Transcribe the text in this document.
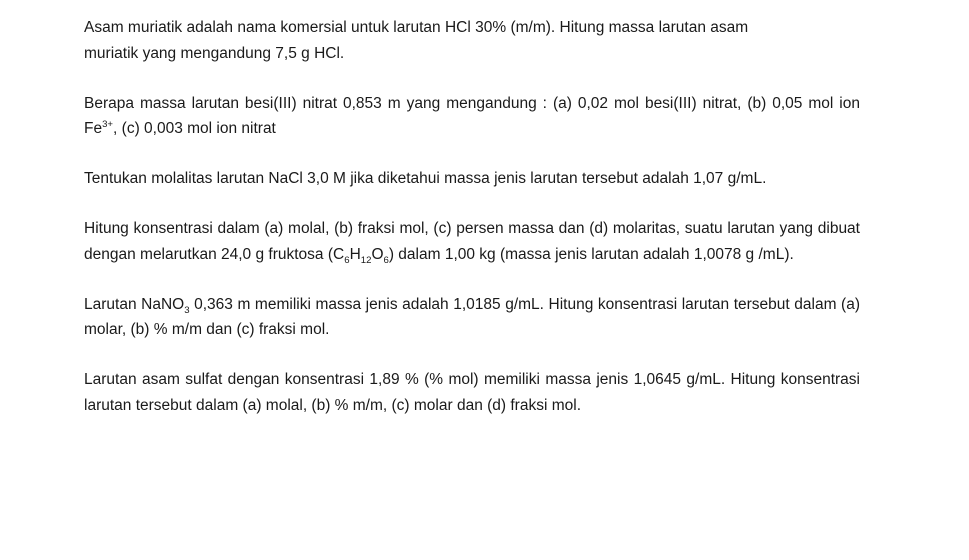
Asam muriatik adalah nama komersial untuk larutan HCl 30% (m/m). Hitung massa larutan asam
muriatik yang mengandung 7,5 g HCl.

Berapa massa larutan besi(III) nitrat 0,853 m yang mengandung : (a) 0,02 mol besi(III) nitrat, (b) 0,05 mol ion $Fe^{3+}$, (c) 0,003 mol ion nitrat

Tentukan molalitas larutan NaCl 3,0 M jika diketahui massa jenis larutan tersebut adalah 1,07 g/mL.

Hitung konsentrasi dalam (a) molal, (b) fraksi mol, (c) persen massa dan (d) molaritas, suatu larutan yang dibuat dengan melarutkan 24,0 g fruktosa $(C_6H_{12}O_6)$ dalam 1,00 kg (massa jenis larutan adalah 1,0078 g /mL).

Larutan NaNO$_3$ 0,363 m memiliki massa jenis adalah 1,0185 g/mL. Hitung konsentrasi larutan tersebut dalam (a) molar, (b) % m/m dan (c) fraksi mol.

Larutan asam sulfat dengan konsentrasi 1,89 % (% mol) memiliki massa jenis 1,0645 g/mL. Hitung konsentrasi larutan tersebut dalam (a) molal, (b) % m/m, (c) molar dan (d) fraksi mol.
